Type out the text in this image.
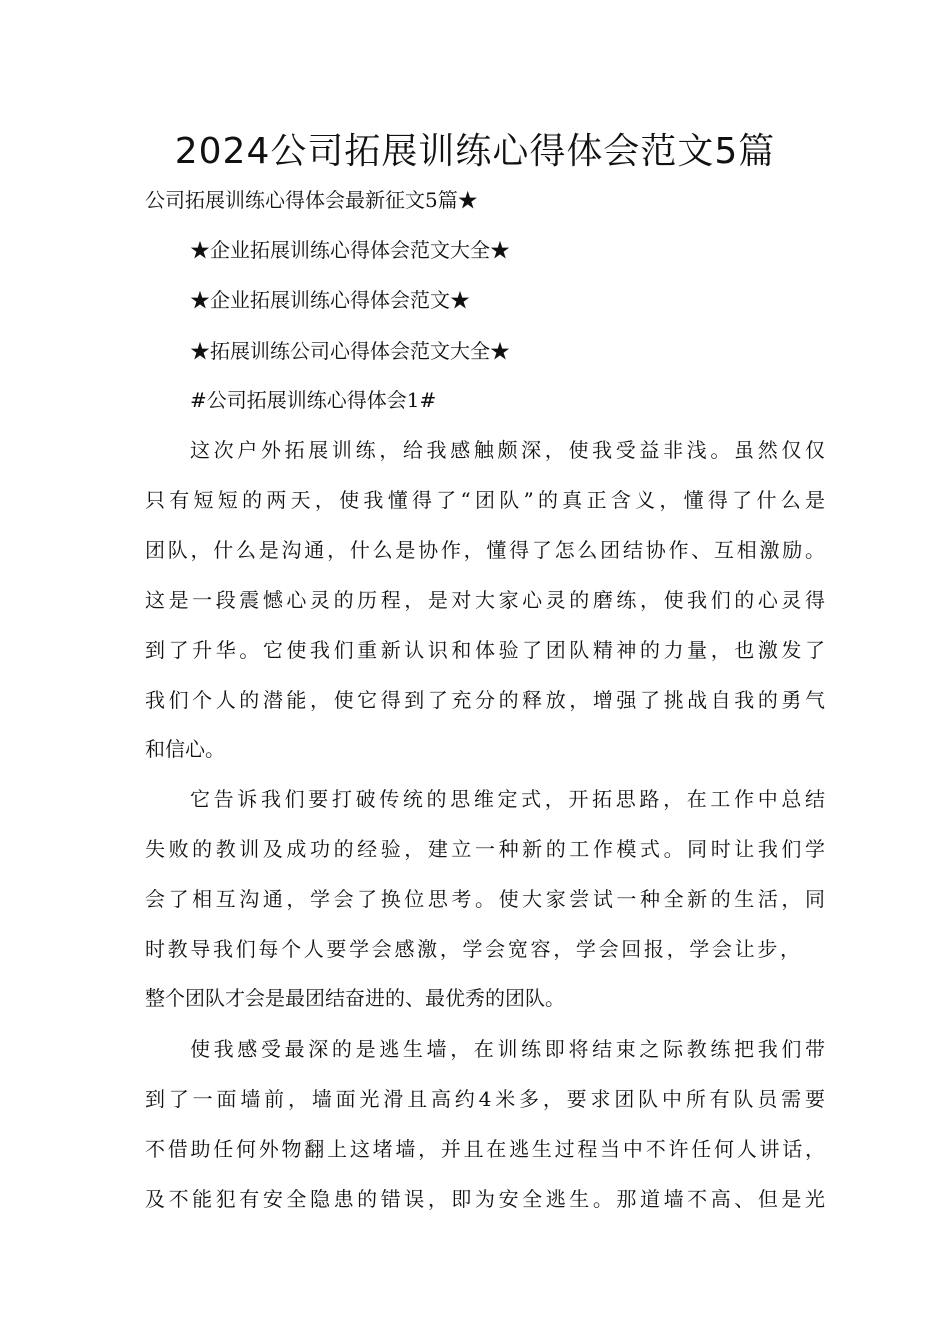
2024公司拓展训练心得体会范文5篇
公司拓展训练心得体会最新征文5篇★
★企业拓展训练心得体会范文大全★
★企业拓展训练心得体会范文★
★拓展训练公司心得体会范文大全★
#公司拓展训练心得体会1#
这次户外拓展训练，给我感触颇深，使我受益非浅。虽然仅仅
只有短短的两天，使我懂得了“团队”的真正含义，懂得了什么是
团队，什么是沟通，什么是协作，懂得了怎么团结协作、互相激励。
这是一段震憾心灵的历程，是对大家心灵的磨练，使我们的心灵得
到了升华。它使我们重新认识和体验了团队精神的力量，也激发了
我们个人的潜能，使它得到了充分的释放，增强了挑战自我的勇气
和信心。
它告诉我们要打破传统的思维定式，开拓思路，在工作中总结
失败的教训及成功的经验，建立一种新的工作模式。同时让我们学
会了相互沟通，学会了换位思考。使大家尝试一种全新的生活，同
时教导我们每个人要学会感激，学会宽容，学会回报，学会让步，
整个团队才会是最团结奋进的、最优秀的团队。
使我感受最深的是逃生墙，在训练即将结束之际教练把我们带
到了一面墙前，墙面光滑且高约4米多，要求团队中所有队员需要
不借助任何外物翻上这堵墙，并且在逃生过程当中不许任何人讲话，
及不能犯有安全隐患的错误，即为安全逃生。那道墙不高、但是光
